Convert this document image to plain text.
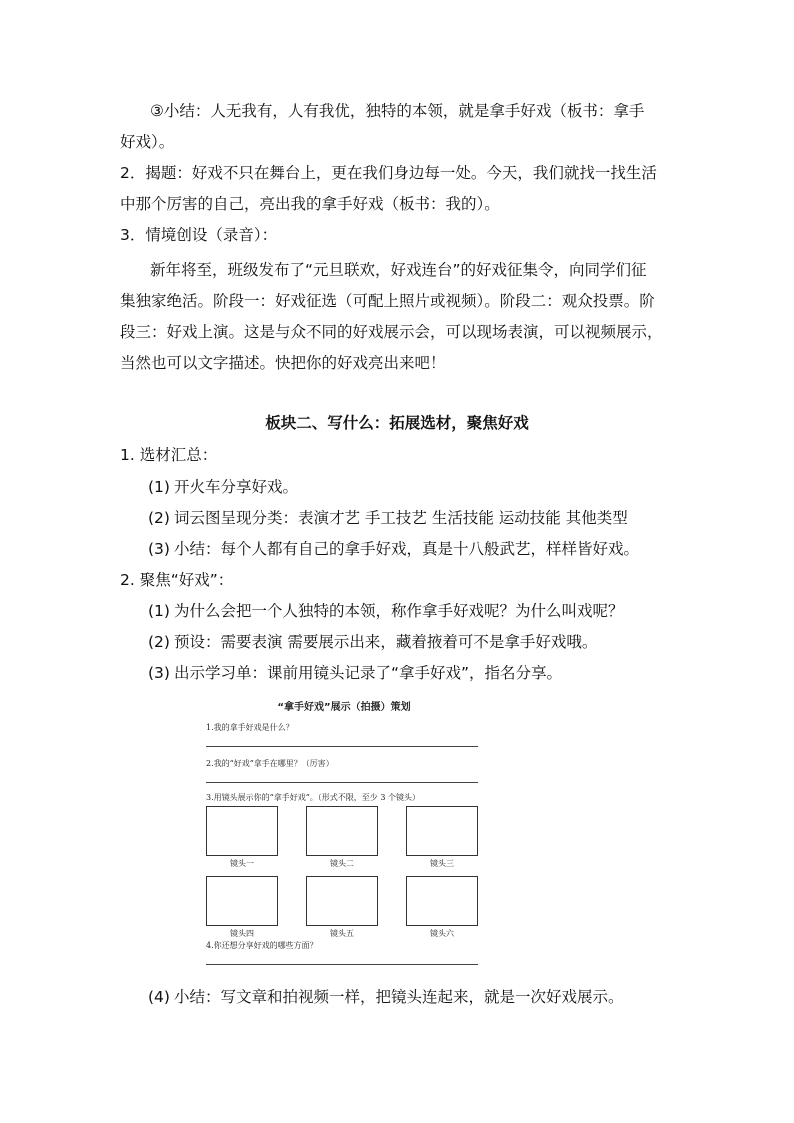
③小结：人无我有，人有我优，独特的本领，就是拿手好戏（板书：拿手

好戏）。

2．揭题：好戏不只在舞台上，更在我们身边每一处。今天，我们就找一找生活

中那个厉害的自己，亮出我的拿手好戏（板书：我的）。

3．情境创设（录音）：

新年将至，班级发布了“元旦联欢，好戏连台”的好戏征集令，向同学们征

集独家绝活。阶段一：好戏征选（可配上照片或视频）。阶段二：观众投票。阶

段三：好戏上演。这是与众不同的好戏展示会，可以现场表演，可以视频展示，

当然也可以文字描述。快把你的好戏亮出来吧！

板块二、写什么：拓展选材，聚焦好戏

1. 选材汇总：

(1) 开火车分享好戏。
(2) 词云图呈现分类：表演才艺 手工技艺 生活技能 运动技能 其他类型
(3) 小结：每个人都有自己的拿手好戏，真是十八般武艺，样样皆好戏。

2. 聚焦“好戏”：

(1) 为什么会把一个人独特的本领，称作拿手好戏呢？为什么叫戏呢？
(2) 预设：需要表演 需要展示出来，藏着掖着可不是拿手好戏哦。
(3) 出示学习单：课前用镜头记录了“拿手好戏”，指名分享。
“拿手好戏”展示（拍摄）策划
1.我的拿手好戏是什么？
2.我的“好戏”拿手在哪里？（厉害）
3.用镜头展示你的“拿手好戏”。（形式不限，至少 3 个镜头）
镜头一	镜头二	镜头三
镜头四	镜头五	镜头六
4.你还想分享好戏的哪些方面？
(4) 小结：写文章和拍视频一样，把镜头连起来，就是一次好戏展示。
